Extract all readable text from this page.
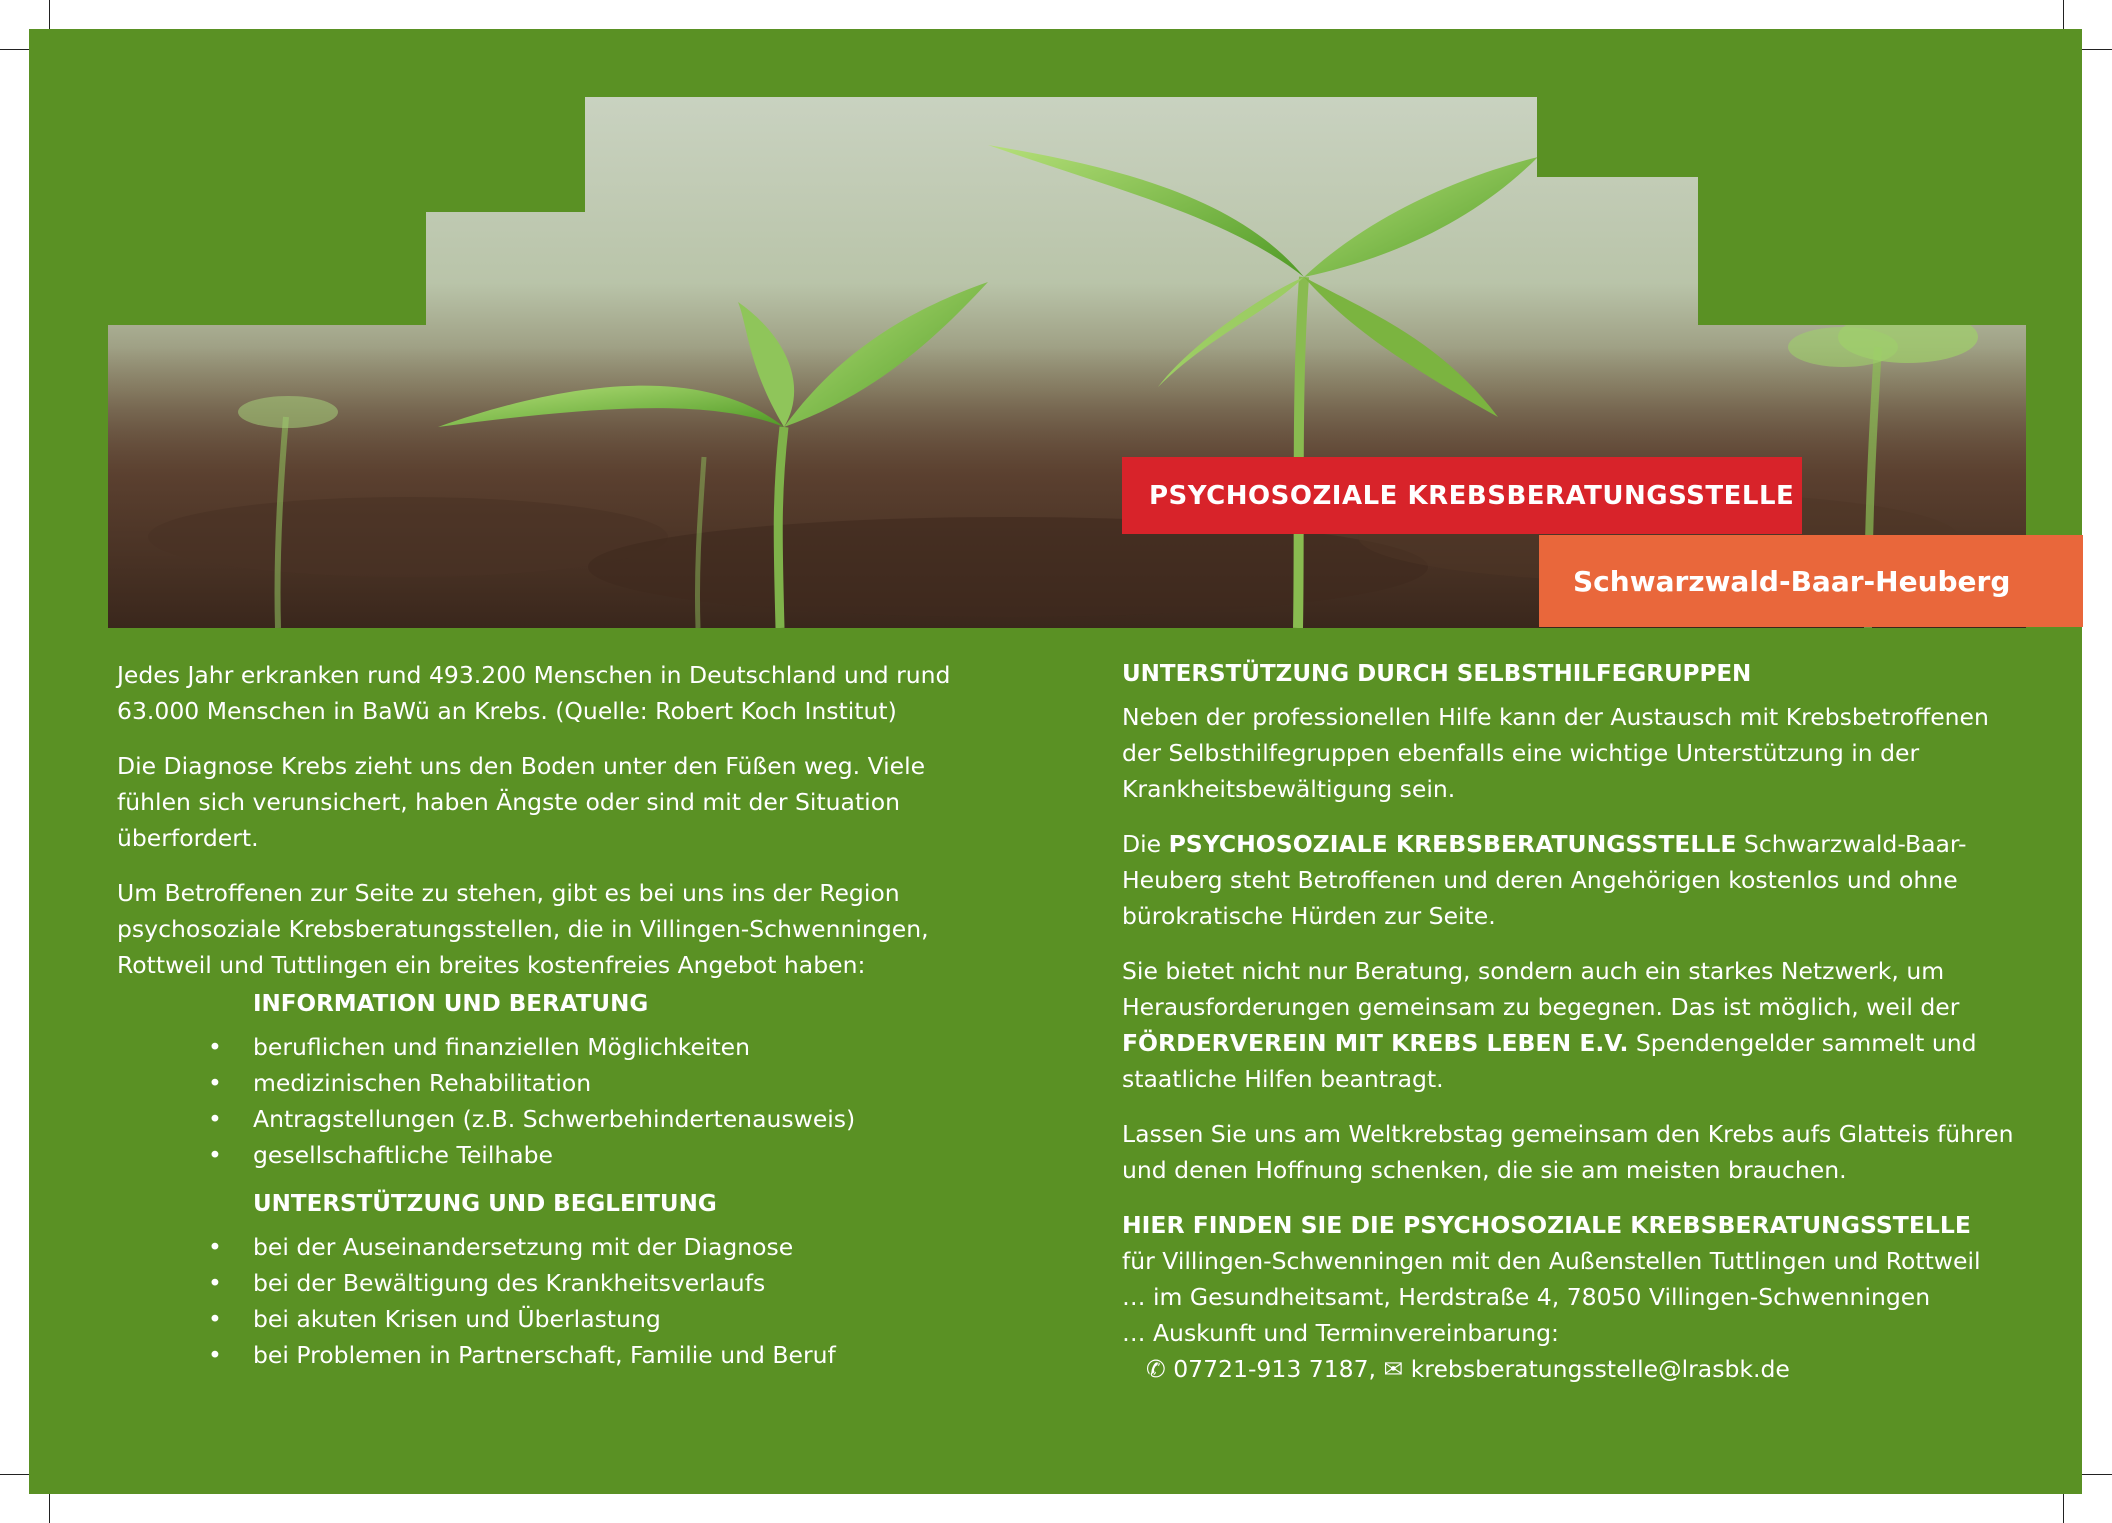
PSYCHOSOZIALE KREBSBERATUNGSSTELLE
Schwarzwald-Baar-Heuberg

Jedes Jahr erkranken rund 493.200 Menschen in Deutschland und rund 63.000 Menschen in BaWü an Krebs. (Quelle: Robert Koch Institut)

Die Diagnose Krebs zieht uns den Boden unter den Füßen weg. Viele fühlen sich verunsichert, haben Ängste oder sind mit der Situation überfordert.

Um Betroffenen zur Seite zu stehen, gibt es bei uns ins der Region psychosoziale Krebsberatungsstellen, die in Villingen-Schwenningen, Rottweil und Tuttlingen ein breites kostenfreies Angebot haben:

INFORMATION UND BERATUNG
• beruflichen und finanziellen Möglichkeiten
• medizinischen Rehabilitation
• Antragstellungen (z.B. Schwerbehindertenausweis)
• gesellschaftliche Teilhabe
UNTERSTÜTZUNG UND BEGLEITUNG
• bei der Auseinandersetzung mit der Diagnose
• bei der Bewältigung des Krankheitsverlaufs
• bei akuten Krisen und Überlastung
• bei Problemen in Partnerschaft, Familie und Beruf
UNTERSTÜTZUNG DURCH SELBSTHILFEGRUPPEN

Neben der professionellen Hilfe kann der Austausch mit Krebsbetroffenen der Selbsthilfegruppen ebenfalls eine wichtige Unterstützung in der Krankheitsbewältigung sein.

Die PSYCHOSOZIALE KREBSBERATUNGSSTELLE Schwarzwald-Baar-Heuberg steht Betroffenen und deren Angehörigen kostenlos und ohne bürokratische Hürden zur Seite.

Sie bietet nicht nur Beratung, sondern auch ein starkes Netzwerk, um Herausforderungen gemeinsam zu begegnen. Das ist möglich, weil der FÖRDERVEREIN MIT KREBS LEBEN E.V. Spendengelder sammelt und staatliche Hilfen beantragt.

Lassen Sie uns am Weltkrebstag gemeinsam den Krebs aufs Glatteis führen und denen Hoffnung schenken, die sie am meisten brauchen.

HIER FINDEN SIE DIE PSYCHOSOZIALE KREBSBERATUNGSSTELLE
für Villingen-Schwenningen mit den Außenstellen Tuttlingen und Rottweil
… im Gesundheitsamt, Herdstraße 4, 78050 Villingen-Schwenningen
… Auskunft und Terminvereinbarung:
✆ 07721-913 7187, ✉ krebsberatungsstelle@lrasbk.de
